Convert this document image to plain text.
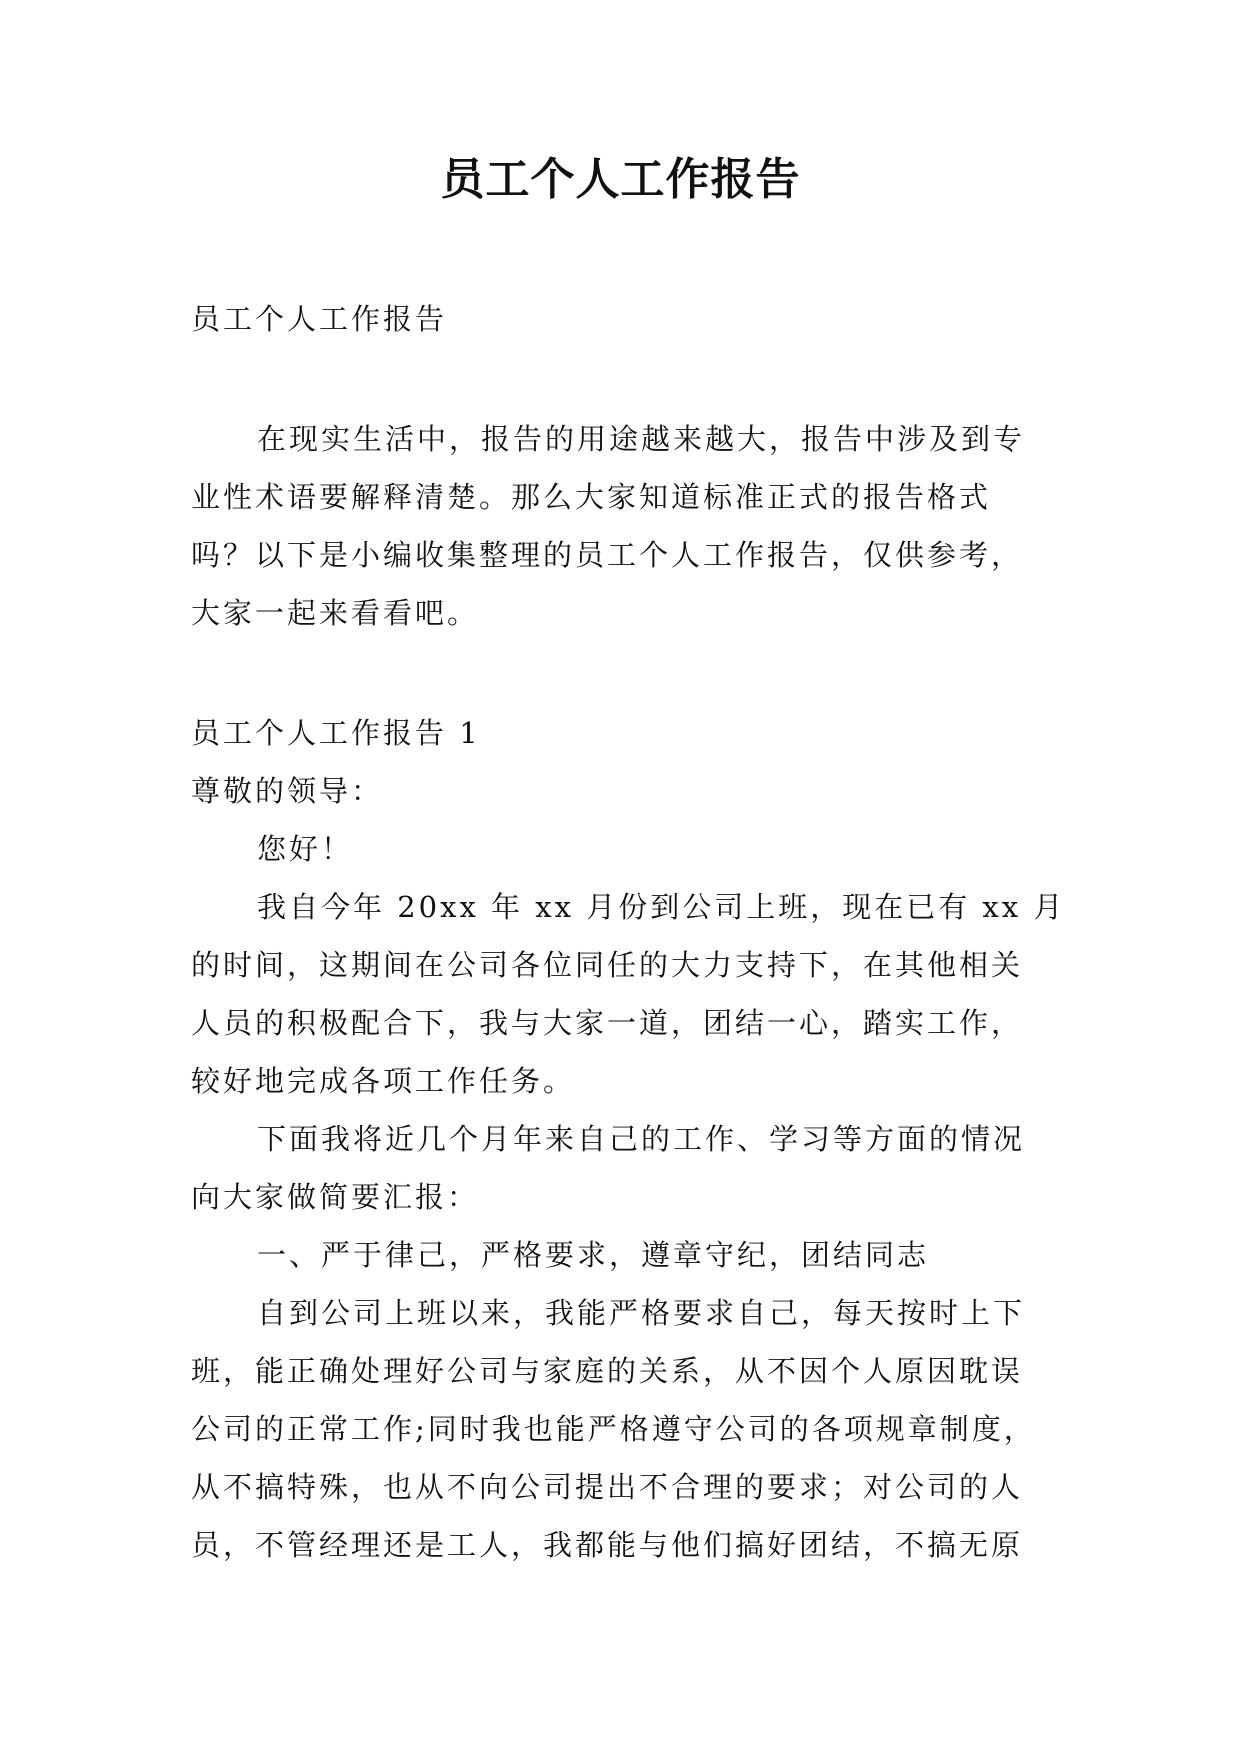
员工个人工作报告

员工个人工作报告

在现实生活中，报告的用途越来越大，报告中涉及到专

业性术语要解释清楚。那么大家知道标准正式的报告格式

吗？以下是小编收集整理的员工个人工作报告，仅供参考，

大家一起来看看吧。

员工个人工作报告 1

尊敬的领导：

您好！

我自今年 20xx 年 xx 月份到公司上班，现在已有 xx 月

的时间，这期间在公司各位同任的大力支持下，在其他相关

人员的积极配合下，我与大家一道，团结一心，踏实工作，

较好地完成各项工作任务。

下面我将近几个月年来自己的工作、学习等方面的情况

向大家做简要汇报：

一、严于律己，严格要求，遵章守纪，团结同志

自到公司上班以来，我能严格要求自己，每天按时上下

班，能正确处理好公司与家庭的关系，从不因个人原因耽误

公司的正常工作;同时我也能严格遵守公司的各项规章制度，

从不搞特殊，也从不向公司提出不合理的要求；对公司的人

员，不管经理还是工人，我都能与他们搞好团结，不搞无原
